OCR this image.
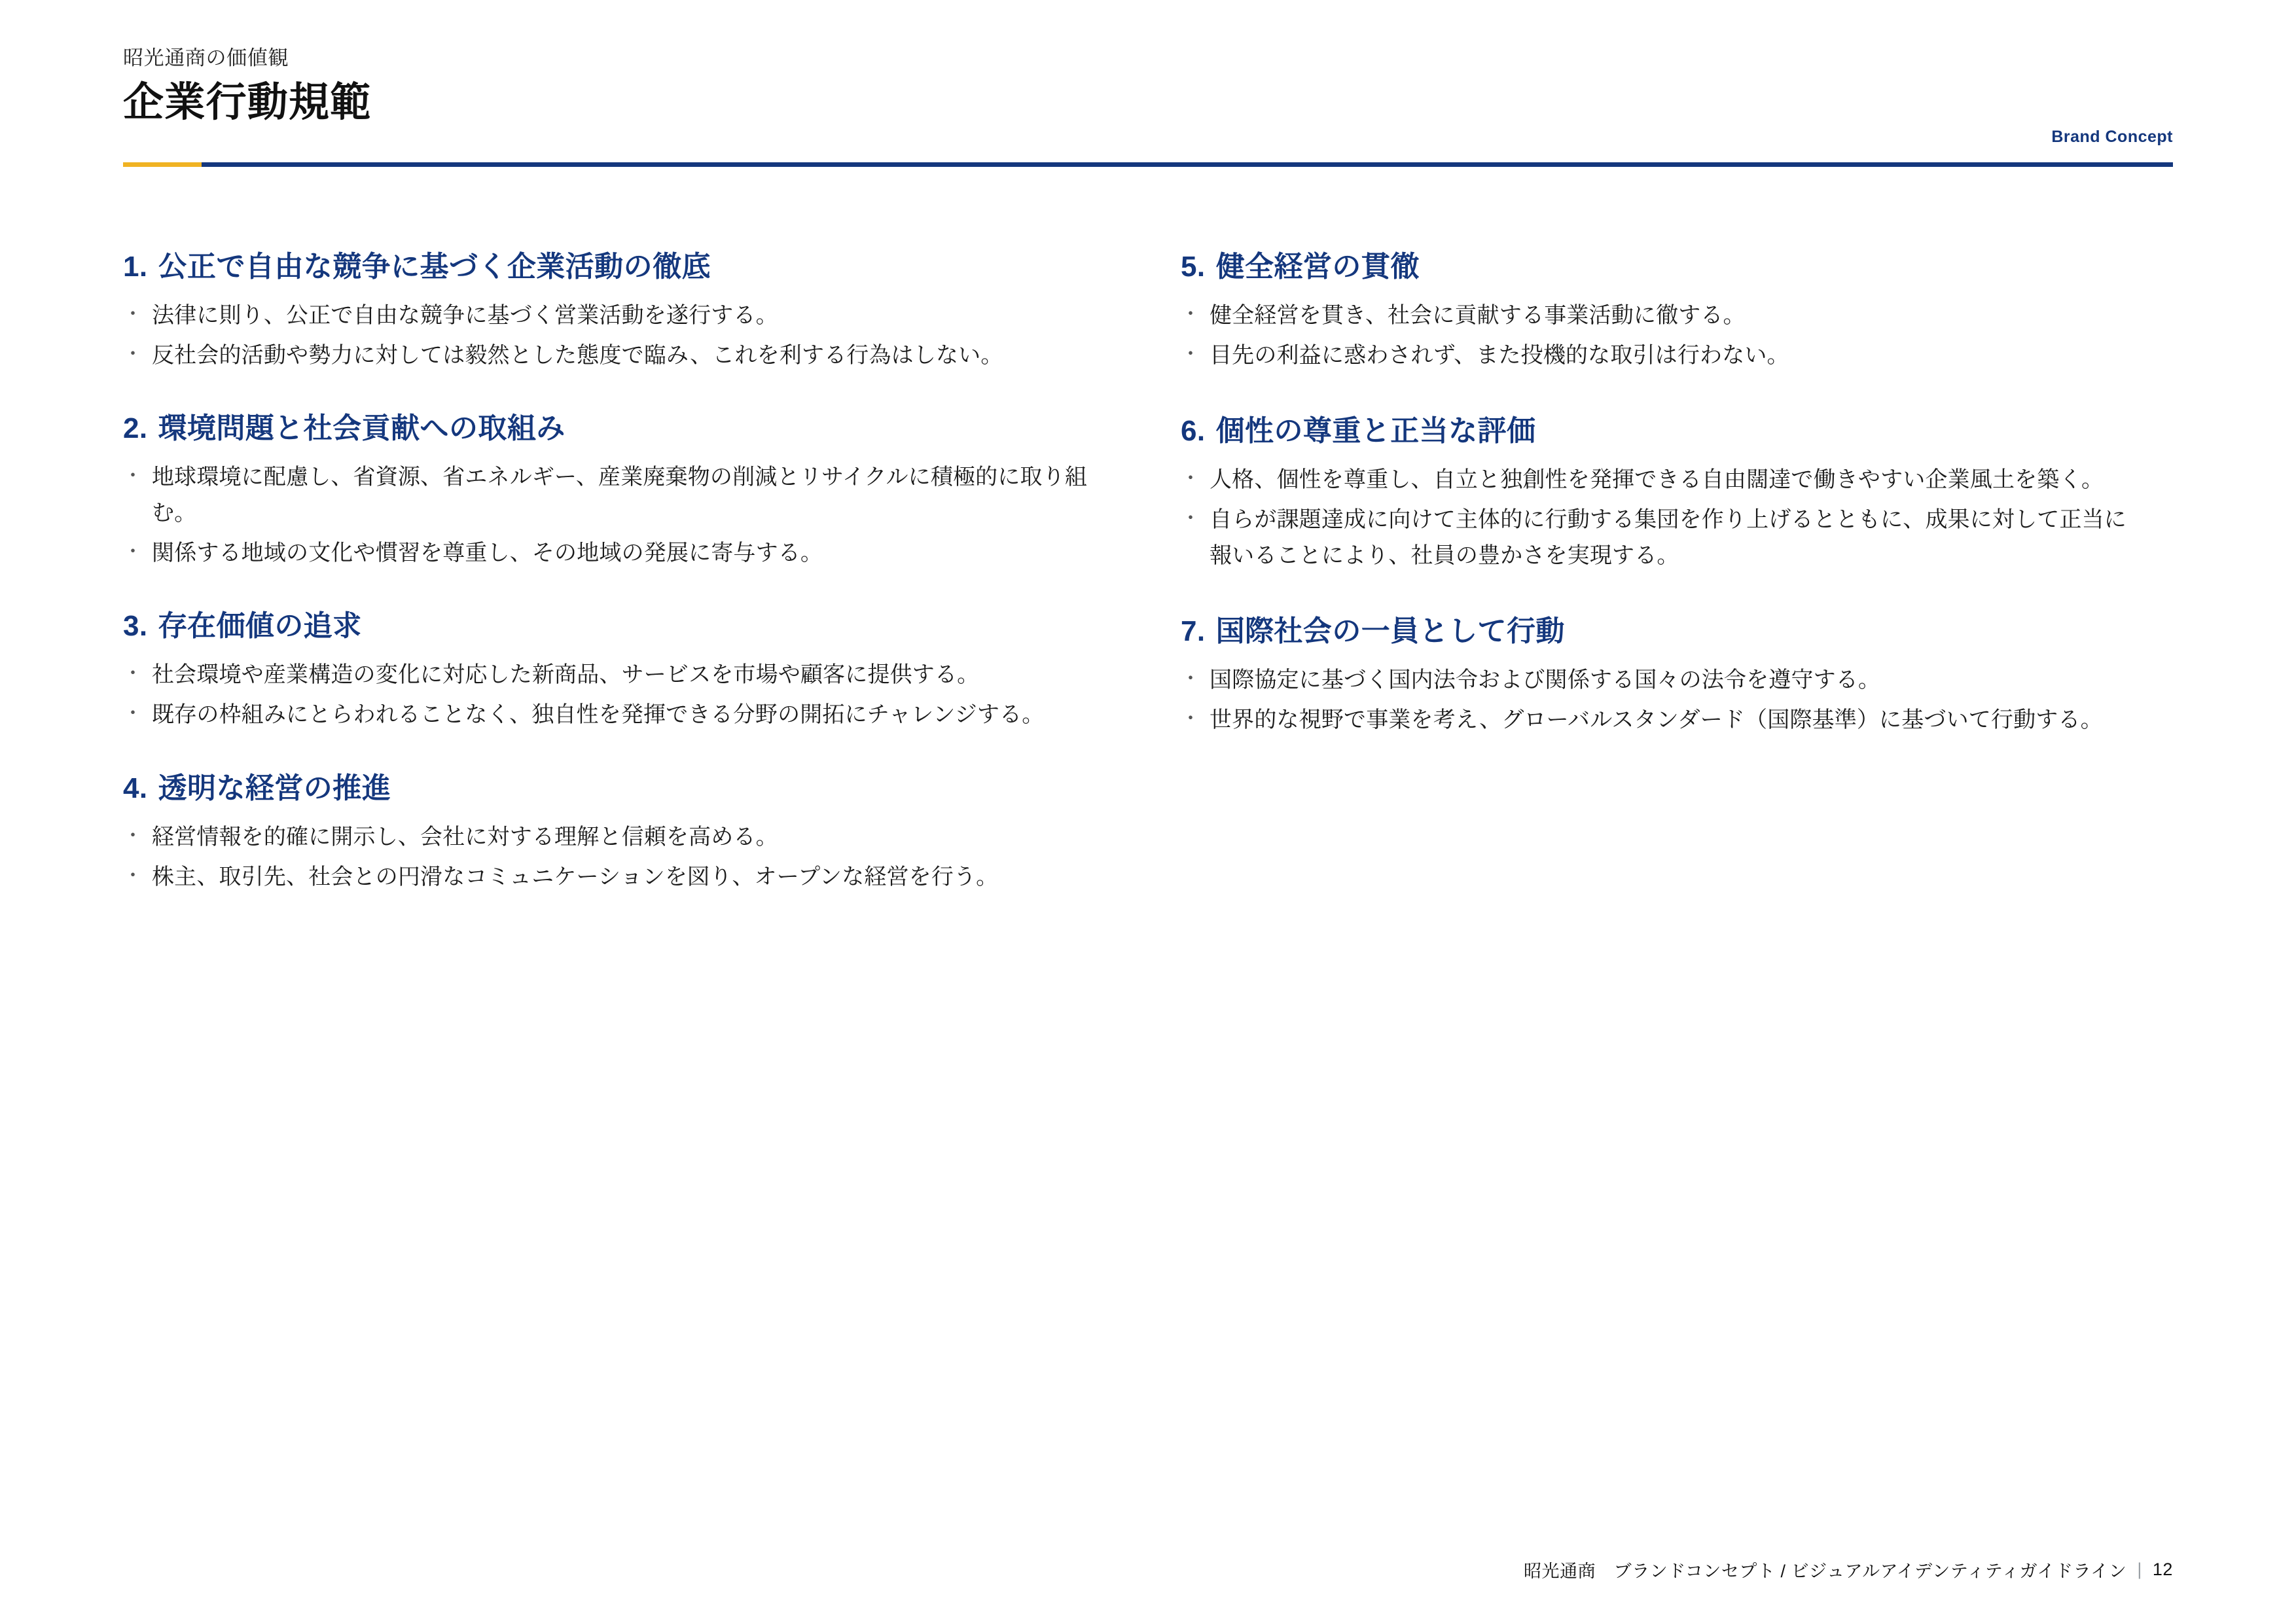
昭光通商の価値観
企業行動規範
Brand Concept
1. 公正で自由な競争に基づく企業活動の徹底
・ 法律に則り、公正で自由な競争に基づく営業活動を遂行する。
・ 反社会的活動や勢力に対しては毅然とした態度で臨み、これを利する行為はしない。
2. 環境問題と社会貢献への取組み
・ 地球環境に配慮し、省資源、省エネルギー、産業廃棄物の削減とリサイクルに積極的に取り組む。
・ 関係する地域の文化や慣習を尊重し、その地域の発展に寄与する。
3. 存在価値の追求
・ 社会環境や産業構造の変化に対応した新商品、サービスを市場や顧客に提供する。
・ 既存の枠組みにとらわれることなく、独自性を発揮できる分野の開拓にチャレンジする。
4. 透明な経営の推進
・ 経営情報を的確に開示し、会社に対する理解と信頼を高める。
・ 株主、取引先、社会との円滑なコミュニケーションを図り、オープンな経営を行う。
5. 健全経営の貫徹
・ 健全経営を貫き、社会に貢献する事業活動に徹する。
・ 目先の利益に惑わされず、また投機的な取引は行わない。
6. 個性の尊重と正当な評価
・ 人格、個性を尊重し、自立と独創性を発揮できる自由闊達で働きやすい企業風土を築く。
・ 自らが課題達成に向けて主体的に行動する集団を作り上げるとともに、成果に対して正当に報いることにより、社員の豊かさを実現する。
7. 国際社会の一員として行動
・ 国際協定に基づく国内法令および関係する国々の法令を遵守する。
・ 世界的な視野で事業を考え、グローバルスタンダード（国際基準）に基づいて行動する。
昭光通商　ブランドコンセプト / ビジュアルアイデンティティガイドライン | 12
